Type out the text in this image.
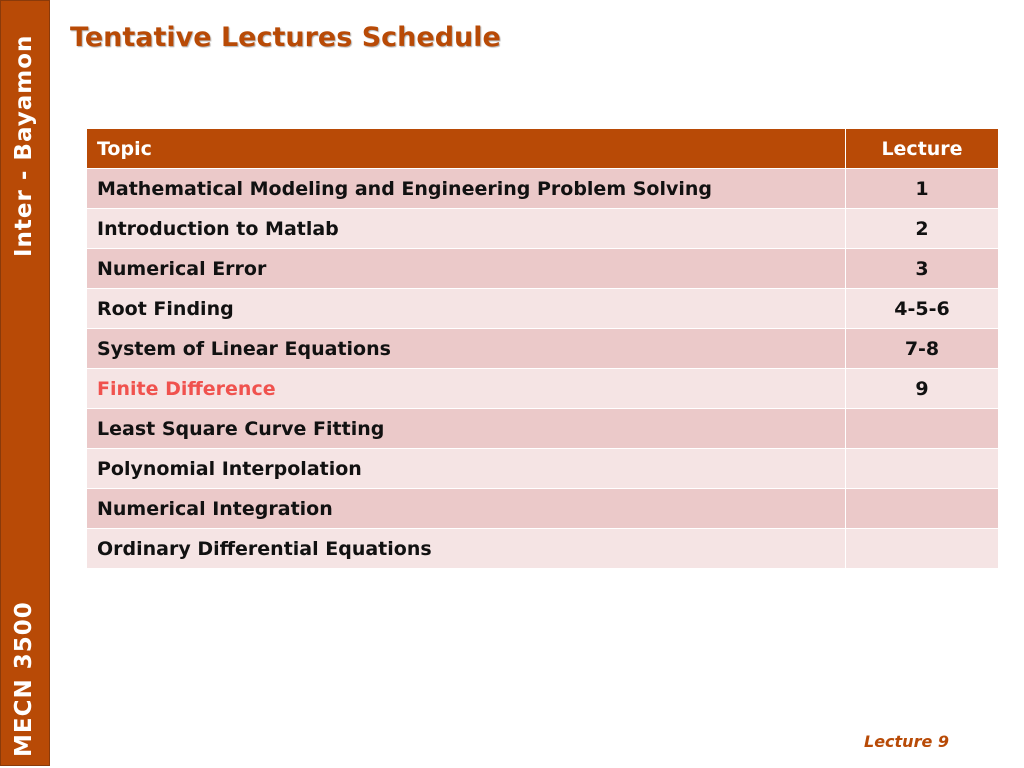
Inter - Bayamon
MECN 3500
Tentative Lectures Schedule
Topic	Lecture
Mathematical Modeling and Engineering Problem Solving	1
Introduction to Matlab	2
Numerical Error	3
Root Finding	4-5-6
System of Linear Equations	7-8
Finite Difference	9
Least Square Curve Fitting	
Polynomial Interpolation	
Numerical Integration	
Ordinary Differential Equations	
Lecture 9
